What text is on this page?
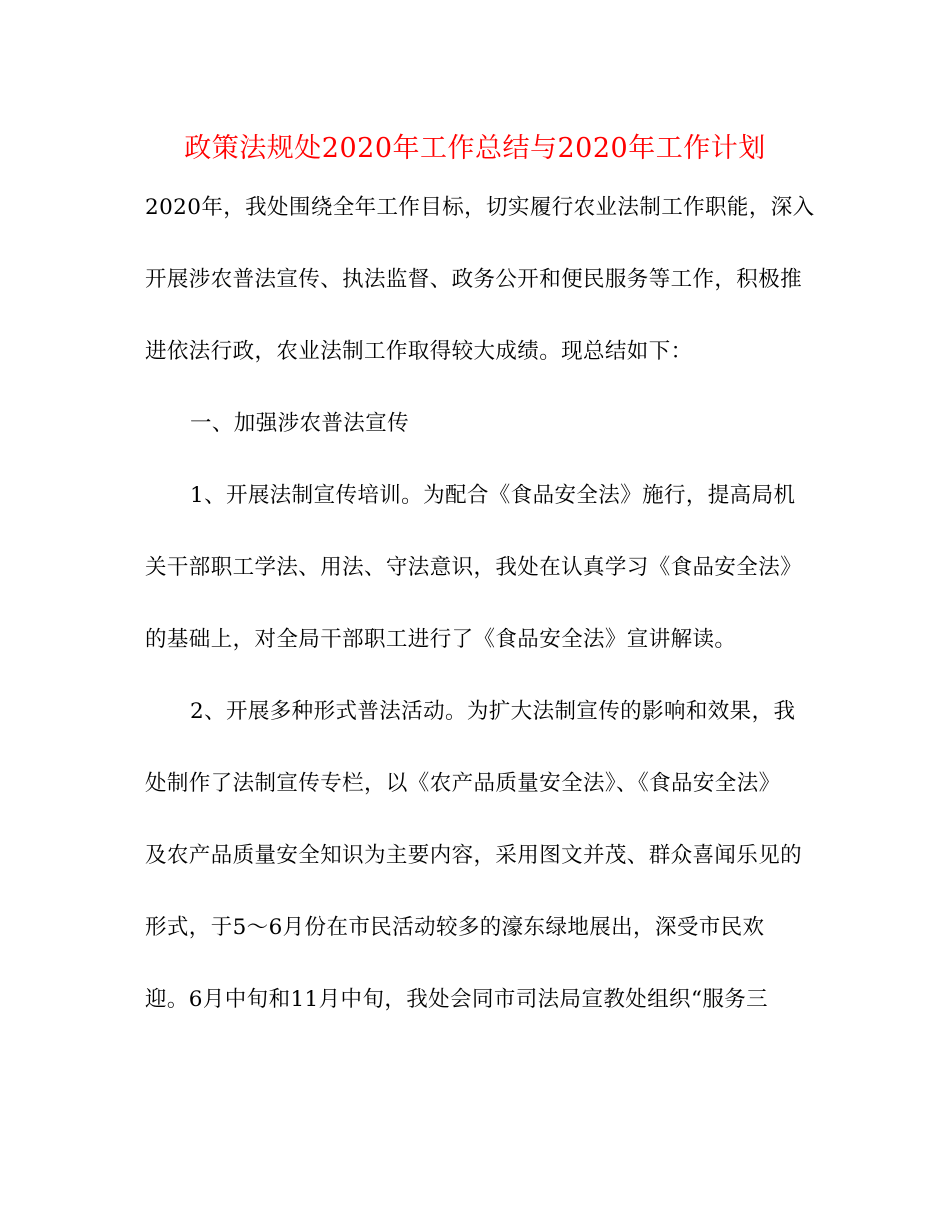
政策法规处2020年工作总结与2020年工作计划
2020年，我处围绕全年工作目标，切实履行农业法制工作职能，深入
开展涉农普法宣传、执法监督、政务公开和便民服务等工作，积极推
进依法行政，农业法制工作取得较大成绩。现总结如下：
一、加强涉农普法宣传
1、开展法制宣传培训。为配合《食品安全法》施行，提高局机
关干部职工学法、用法、守法意识，我处在认真学习《食品安全法》
的基础上，对全局干部职工进行了《食品安全法》宣讲解读。
2、开展多种形式普法活动。为扩大法制宣传的影响和效果，我
处制作了法制宣传专栏，以《农产品质量安全法》、《食品安全法》
及农产品质量安全知识为主要内容，采用图文并茂、群众喜闻乐见的
形式，于5～6月份在市民活动较多的濠东绿地展出，深受市民欢
迎。6月中旬和11月中旬，我处会同市司法局宣教处组织“服务三
